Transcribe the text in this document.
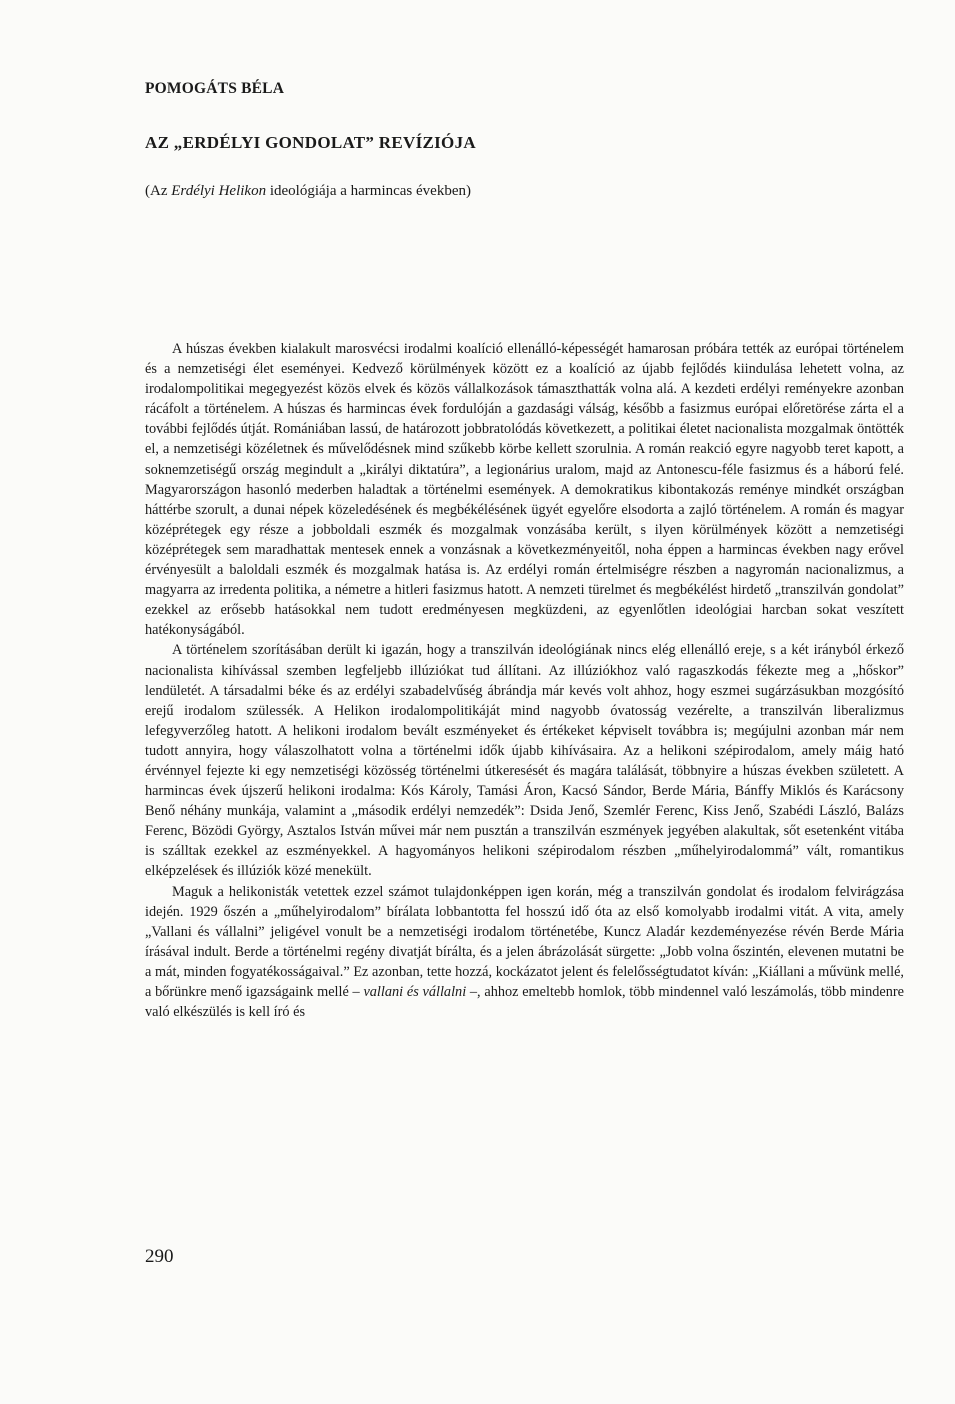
POMOGÁTS BÉLA
AZ „ERDÉLYI GONDOLAT” REVÍZIÓJA
(Az Erdélyi Helikon ideológiája a harmincas években)

A húszas években kialakult marosvécsi irodalmi koalíció ellenálló-képességét hamarosan próbára tették az európai történelem és a nemzetiségi élet eseményei. Kedvező körülmények között ez a koalíció az újabb fejlődés kiindulása lehetett volna, az irodalompolitikai megegyezést közös elvek és közös vállalkozások támaszthatták volna alá. A kezdeti erdélyi reményekre azonban rácáfolt a történelem. A húszas és harmincas évek fordulóján a gazdasági válság, később a fasizmus európai előretörése zárta el a további fejlődés útját. Romániában lassú, de határozott jobbratolódás következett, a politikai életet nacionalista mozgalmak öntötték el, a nemzetiségi közéletnek és művelődésnek mind szűkebb körbe kellett szorulnia. A román reakció egyre nagyobb teret kapott, a soknemzetiségű ország megindult a „királyi diktatúra”, a legionárius uralom, majd az Antonescu-féle fasizmus és a háború felé. Magyarországon hasonló mederben haladtak a történelmi események. A demokratikus kibontakozás reménye mindkét országban háttérbe szorult, a dunai népek közeledésének és megbékélésének ügyét egyelőre elsodorta a zajló történelem. A román és magyar középrétegek egy része a jobboldali eszmék és mozgalmak vonzásába került, s ilyen körülmények között a nemzetiségi középrétegek sem maradhattak mentesek ennek a vonzásnak a következményeitől, noha éppen a harmincas években nagy erővel érvényesült a baloldali eszmék és mozgalmak hatása is. Az erdélyi román értelmiségre részben a nagyromán nacionalizmus, a magyarra az irredenta politika, a németre a hitleri fasizmus hatott. A nemzeti türelmet és megbékélést hirdető „transzilván gondolat” ezekkel az erősebb hatásokkal nem tudott eredményesen megküzdeni, az egyenlőtlen ideológiai harcban sokat veszített hatékonyságából.

A történelem szorításában derült ki igazán, hogy a transzilván ideológiának nincs elég ellenálló ereje, s a két irányból érkező nacionalista kihívással szemben legfeljebb illúziókat tud állítani. Az illúziókhoz való ragaszkodás fékezte meg a „hőskor” lendületét. A társadalmi béke és az erdélyi szabadelvűség ábrándja már kevés volt ahhoz, hogy eszmei sugárzásukban mozgósító erejű irodalom szülessék. A Helikon irodalompolitikáját mind nagyobb óvatosság vezérelte, a transzilván liberalizmus lefegyverzőleg hatott. A helikoni irodalom bevált eszményeket és értékeket képviselt továbbra is; megújulni azonban már nem tudott annyira, hogy válaszolhatott volna a történelmi idők újabb kihívásaira. Az a helikoni szépirodalom, amely máig ható érvénnyel fejezte ki egy nemzetiségi közösség történelmi útkeresését és magára találását, többnyire a húszas években született. A harmincas évek újszerű helikoni irodalma: Kós Károly, Tamási Áron, Kacsó Sándor, Berde Mária, Bánffy Miklós és Karácsony Benő néhány munkája, valamint a „második erdélyi nemzedék”: Dsida Jenő, Szemlér Ferenc, Kiss Jenő, Szabédi László, Balázs Ferenc, Bözödi György, Asztalos István művei már nem pusztán a transzilván eszmények jegyében alakultak, sőt esetenként vitába is szálltak ezekkel az eszményekkel. A hagyományos helikoni szépirodalom részben „műhelyirodalommá” vált, romantikus elképzelések és illúziók közé menekült.

Maguk a helikonisták vetettek ezzel számot tulajdonképpen igen korán, még a transzilván gondolat és irodalom felvirágzása idején. 1929 őszén a „műhelyirodalom” bírálata lobbantotta fel hosszú idő óta az első komolyabb irodalmi vitát. A vita, amely „Vallani és vállalni” jeligével vonult be a nemzetiségi irodalom történetébe, Kuncz Aladár kezdeményezése révén Berde Mária írásával indult. Berde a történelmi regény divatját bírálta, és a jelen ábrázolását sürgette: „Jobb volna őszintén, elevenen mutatni be a mát, minden fogyatékosságaival.” Ez azonban, tette hozzá, kockázatot jelent és felelősségtudatot kíván: „Kiállani a művünk mellé, a bőrünkre menő igazságaink mellé – vallani és vállalni –, ahhoz emeltebb homlok, több mindennel való leszámolás, több mindenre való elkészülés is kell író és

290
